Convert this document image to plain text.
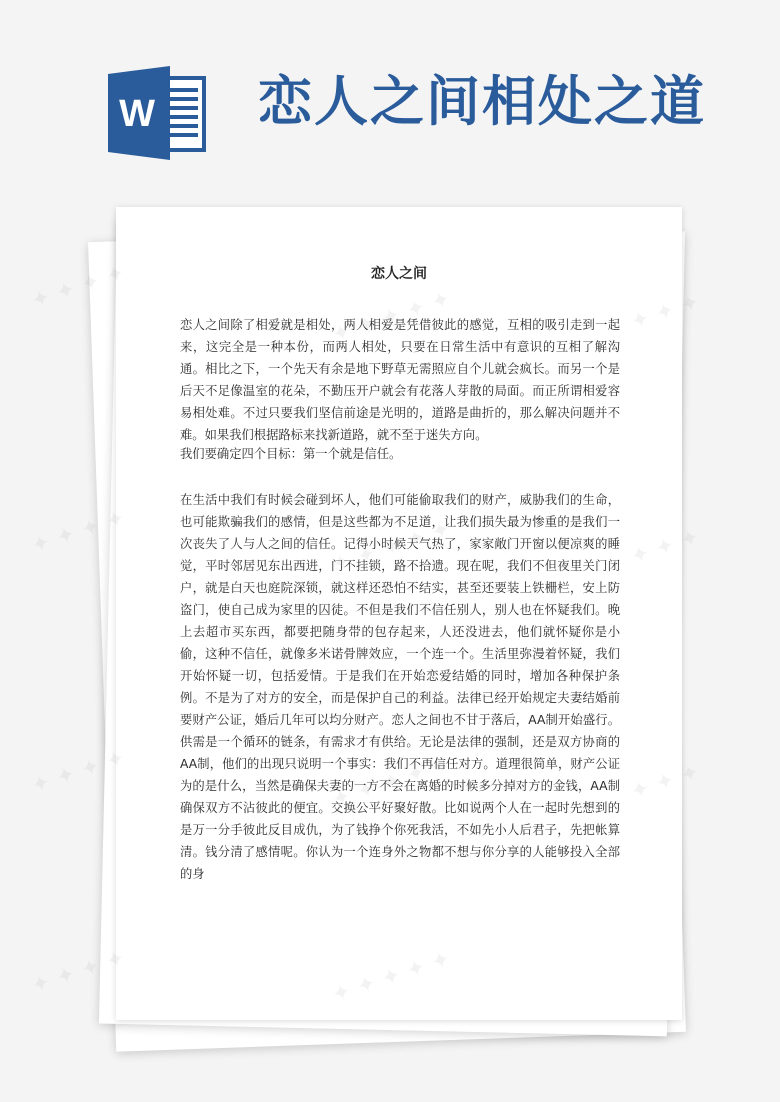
W 恋人之间相处之道
恋人之间

恋人之间除了相爱就是相处，两人相爱是凭借彼此的感觉，互相的吸引走到一起来，这完全是一种本份，而两人相处，只要在日常生活中有意识的互相了解沟通。相比之下，一个先天有余是地下野草无需照应自个儿就会疯长。而另一个是后天不足像温室的花朵，不勤压开户就会有花落人芽散的局面。而正所谓相爱容易相处难。不过只要我们坚信前途是光明的，道路是曲折的，那么解决问题并不难。如果我们根据路标来找新道路，就不至于迷失方向。

我们要确定四个目标：第一个就是信任。

在生活中我们有时候会碰到坏人，他们可能偷取我们的财产，威胁我们的生命，也可能欺骗我们的感情，但是这些都为不足道，让我们损失最为惨重的是我们一次丧失了人与人之间的信任。记得小时候天气热了，家家敞门开窗以便凉爽的睡觉，平时邻居见东出西进，门不挂锁，路不拾遗。现在呢，我们不但夜里关门闭户，就是白天也庭院深锁，就这样还恐怕不结实，甚至还要装上铁栅栏，安上防盗门，使自己成为家里的囚徒。不但是我们不信任别人，别人也在怀疑我们。晚上去超市买东西，都要把随身带的包存起来，人还没进去，他们就怀疑你是小偷，这种不信任，就像多米诺骨牌效应，一个连一个。生活里弥漫着怀疑，我们开始怀疑一切，包括爱情。于是我们在开始恋爱结婚的同时，增加各种保护条例。不是为了对方的安全，而是保护自己的利益。法律已经开始规定夫妻结婚前要财产公证，婚后几年可以均分财产。恋人之间也不甘于落后，AA制开始盛行。供需是一个循环的链条，有需求才有供给。无论是法律的强制，还是双方协商的AA制，他们的出现只说明一个事实：我们不再信任对方。道理很简单，财产公证为的是什么，当然是确保夫妻的一方不会在离婚的时候多分掉对方的金钱，AA制确保双方不沾彼此的便宜。交换公平好聚好散。比如说两个人在一起时先想到的是万一分手彼此反目成仇，为了钱挣个你死我活，不如先小人后君子，先把帐算清。钱分清了感情呢。你认为一个连身外之物都不想与你分享的人能够投入全部的身

✦ ✦ ✦ ✦	✦
✦ ✦ ✦ ✦	✦
✦ ✦ ✦ ✦	✦
✦ ✦ ✦ ✦
